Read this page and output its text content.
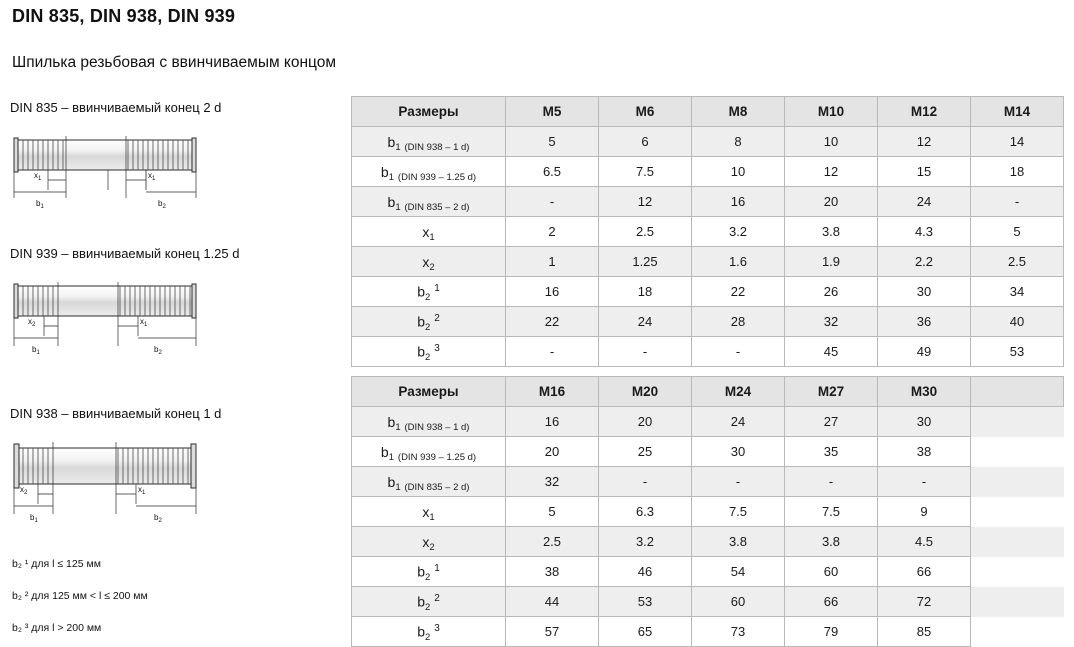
DIN 835, DIN 938, DIN 939
Шпилька резьбовая с ввинчиваемым концом
DIN 835 – ввинчиваемый конец 2 d
$x_1$	$x_1$
$b_1$	$b_2$
DIN 939 – ввинчиваемый конец 1.25 d
$x_2$	$x_1$
$b_1$	$b_2$
DIN 938 – ввинчиваемый конец 1 d
$x_2$	$x_1$
$b_1$	$b_2$
b₂ ¹ для l ≤ 125 мм
b₂ ² для 125 мм < l ≤ 200 мм
b₂ ³ для l > 200 мм
Размеры	M5	M6	M8	M10	M12	M14
$b_1$ $_{(DIN 938 - 1 d)}$	5	6	8	10	12	14
$b_1$ $_{(DIN 939 - 1.25 d)}$	6.5	7.5	10	12	15	18
$b_1$ $_{(DIN 835 - 2 d)}$	-	12	16	20	24	-
$x_1$	2	2.5	3.2	3.8	4.3	5
$x_2$	1	1.25	1.6	1.9	2.2	2.5
$b_2$ $^1$	16	18	22	26	30	34
$b_2$ $^2$	22	24	28	32	36	40
$b_2$ $^3$	-	-	-	45	49	53
Размеры	M16	M20	M24	M27	M30	
$b_1$ $_{(DIN 938 - 1 d)}$	16	20	24	27	30	
$b_1$ $_{(DIN 939 - 1.25 d)}$	20	25	30	35	38	
$b_1$ $_{(DIN 835 - 2 d)}$	32	-	-	-	-	
$x_1$	5	6.3	7.5	7.5	9	
$x_2$	2.5	3.2	3.8	3.8	4.5	
$b_2$ $^1$	38	46	54	60	66	
$b_2$ $^2$	44	53	60	66	72	
$b_2$ $^3$	57	65	73	79	85	
